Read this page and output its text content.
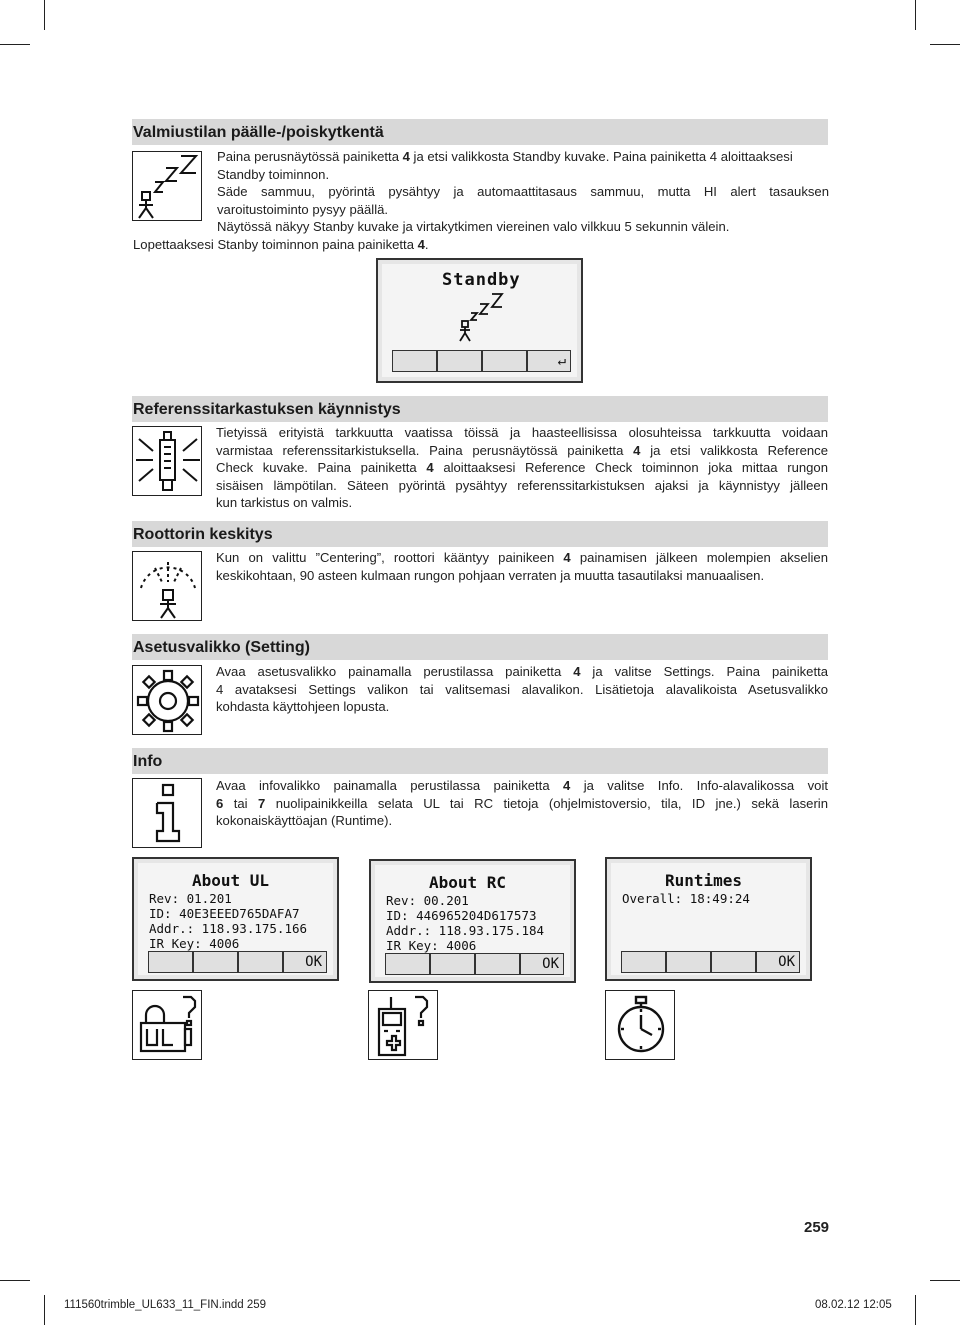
Valmiustilan päälle-/poiskytkentä
Paina perusnäytössä painiketta 4 ja etsi valikkosta Standby kuvake. Paina painiketta 4 aloittaaksesi
Standby toiminnon.
Säde sammuu, pyörintä pysähtyy ja automaattitasaus sammuu, mutta HI alert tasauksen
varoitustoiminto pysyy päällä.
Näytössä näkyy Stanby kuvake ja virtakytkimen viereinen valo vilkkuu 5 sekunnin välein.
Lopettaaksesi Stanby toiminnon paina painiketta 4.
Standby
↵
Referenssitarkastuksen käynnistys
Tietyissä erityistä tarkkuutta vaatissa töissä ja haasteellisissa olosuhteissa tarkkuutta voidaan
varmistaa referenssitarkistuksella. Paina perusnäytössä painiketta 4 ja etsi valikkosta Reference
Check kuvake. Paina painiketta 4 aloittaaksesi Reference Check toiminnon joka mittaa rungon
sisäisen lämpötilan. Säteen pyörintä pysähtyy referenssitarkistuksen ajaksi ja käynnistyy jälleen
kun tarkistus on valmis.
Roottorin keskitys
Kun on valittu ”Centering”, roottori kääntyy painikeen 4 painamisen jälkeen molempien akselien
keskikohtaan, 90 asteen kulmaan rungon pohjaan verraten ja muutta tasautilaksi manuaalisen.
Asetusvalikko (Setting)
Avaa asetusvalikko painamalla perustilassa painiketta 4 ja valitse Settings. Paina painiketta
4 avataksesi Settings valikon tai valitsemasi alavalikon. Lisätietoja alavalikoista Asetusvalikko
kohdasta käyttohjeen lopusta.
Info
Avaa infovalikko painamalla perustilassa painiketta 4 ja valitse Info. Info-alavalikossa voit
6 tai 7 nuolipainikkeilla selata UL tai RC tietoja (ohjelmistoversio, tila, ID jne.) sekä laserin
kokonaiskäyttöajan (Runtime).
About UL
Rev: 01.201
ID: 40E3EEED765DAFA7
Addr.: 118.93.175.166
IR Key: 4006
OK
About RC
Rev: 00.201
ID: 446965204D617573
Addr.: 118.93.175.184
IR Key: 4006
OK
Runtimes
Overall: 18:49:24
OK
259
111560trimble_UL633_11_FIN.indd 259	08.02.12 12:05
